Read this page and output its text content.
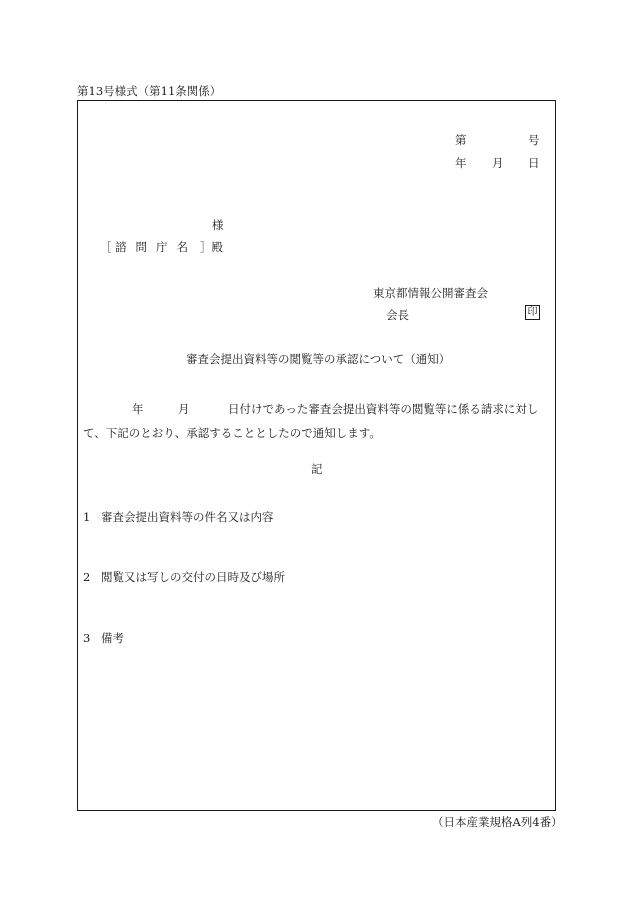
第13号様式（第11条関係）
第	号
年 月 日
様
［ 諮問庁名 ］殿
東京都情報公開審査会
会長	印
審査会提出資料等の閲覧等の承認について（通知）
年	月	日付けであった審査会提出資料等の閲覧等に係る請求に対し
て、下記のとおり、承認することとしたので通知します。
記
1 審査会提出資料等の件名又は内容
2 閲覧又は写しの交付の日時及び場所
3 備考
（日本産業規格A列4番）
